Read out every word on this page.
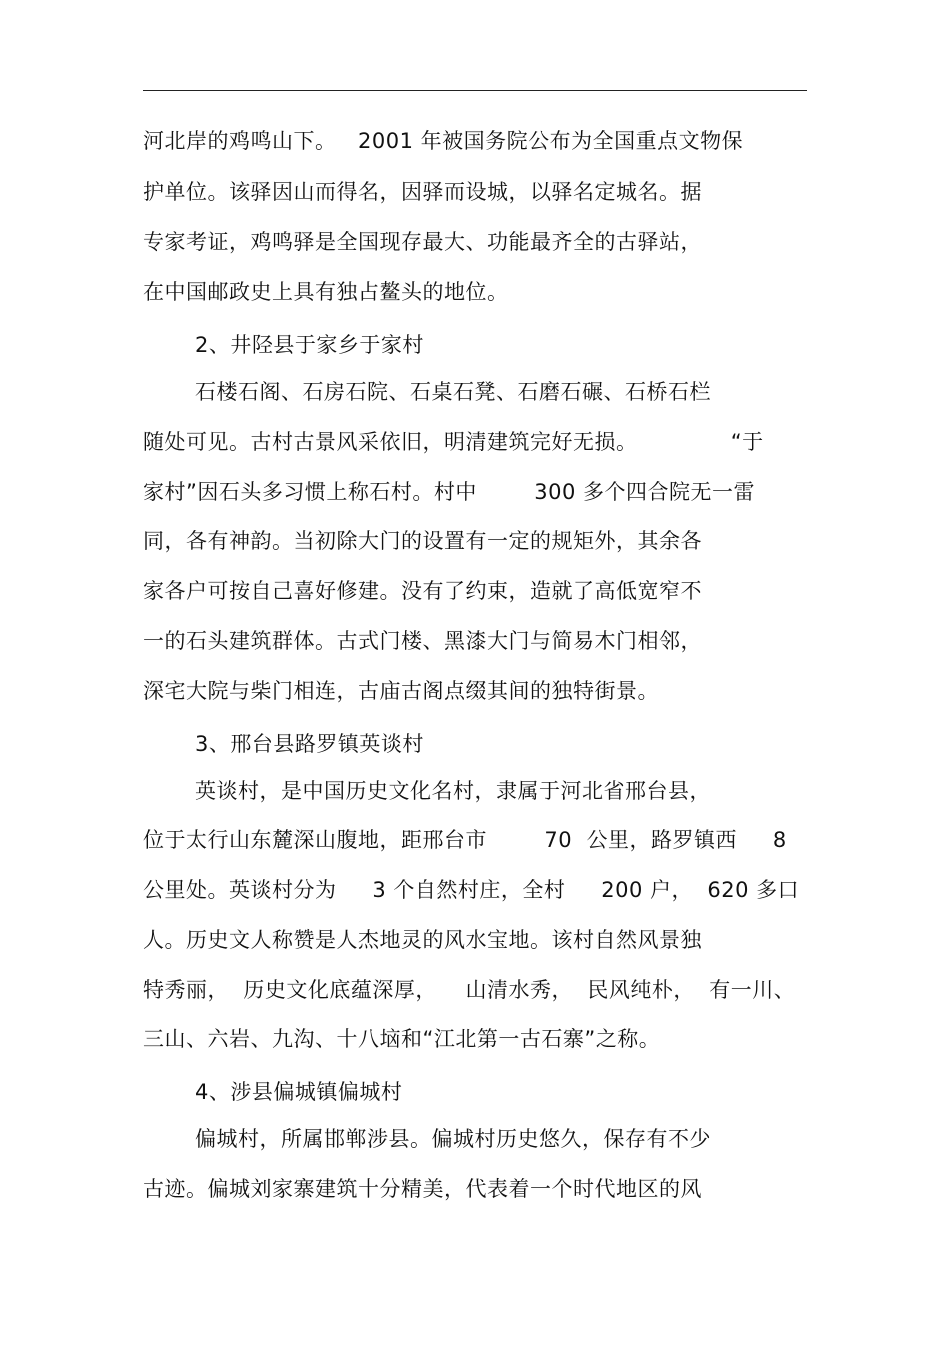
河北岸的鸡鸣山下。   2001 年被国务院公布为全国重点文物保
护单位。该驿因山而得名，因驿而设城，以驿名定城名。据
专家考证，鸡鸣驿是全国现存最大、功能最齐全的古驿站，
在中国邮政史上具有独占鳌头的地位。
2、井陉县于家乡于家村
石楼石阁、石房石院、石桌石凳、石磨石碾、石桥石栏
随处可见。古村古景风采依旧，明清建筑完好无损。             “于
家村”因石头多习惯上称石村。村中        300 多个四合院无一雷
同，各有神韵。当初除大门的设置有一定的规矩外，其余各
家各户可按自己喜好修建。没有了约束，造就了高低宽窄不
一的石头建筑群体。古式门楼、黑漆大门与简易木门相邻，
深宅大院与柴门相连，古庙古阁点缀其间的独特街景。
3、邢台县路罗镇英谈村
英谈村，是中国历史文化名村，隶属于河北省邢台县，
位于太行山东麓深山腹地，距邢台市        70  公里，路罗镇西     8
公里处。英谈村分为     3 个自然村庄，全村     200 户，  620 多口
人。历史文人称赞是人杰地灵的风水宝地。该村自然风景独
特秀丽，  历史文化底蕴深厚，    山清水秀，  民风纯朴，  有一川、
三山、六岩、九沟、十八垴和“江北第一古石寨”之称。
4、涉县偏城镇偏城村
偏城村，所属邯郸涉县。偏城村历史悠久，保存有不少
古迹。偏城刘家寨建筑十分精美，代表着一个时代地区的风
